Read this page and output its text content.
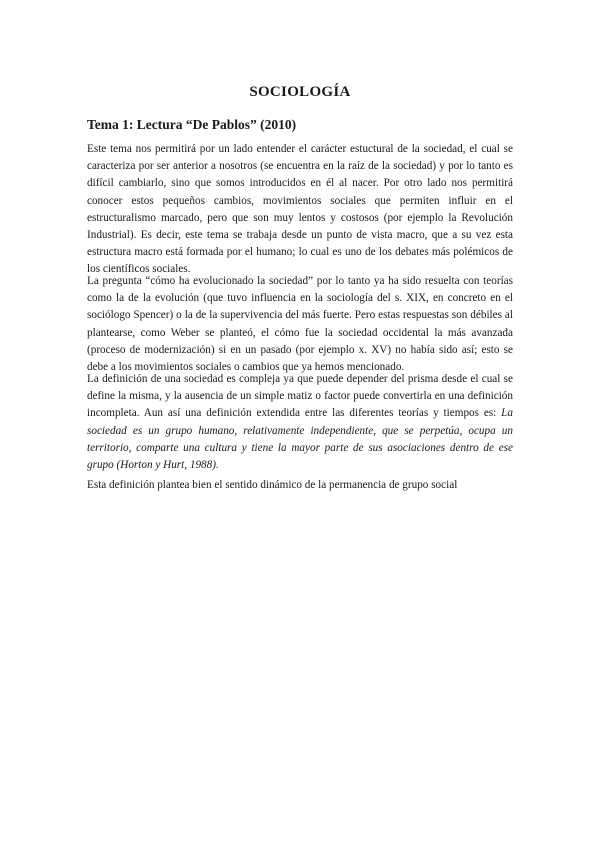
SOCIOLOGÍA
Tema 1: Lectura “De Pablos” (2010)

Este tema nos permitirá por un lado entender el carácter estuctural de la sociedad, el cual se caracteriza por ser anterior a nosotros (se encuentra en la raíz de la sociedad) y por lo tanto es difícil cambiarlo, sino que somos introducidos en él al nacer. Por otro lado nos permitirá conocer estos pequeños cambios, movimientos sociales que permiten influir en el estructuralismo marcado, pero que son muy lentos y costosos (por ejemplo la Revolución Industrial). Es decir, este tema se trabaja desde un punto de vista macro, que a su vez esta estructura macro está formada por el humano; lo cual es uno de los debates más polémicos de los científicos sociales.

La pregunta “cómo ha evolucionado la sociedad” por lo tanto ya ha sido resuelta con teorías como la de la evolución (que tuvo influencia en la sociología del s. XIX, en concreto en el sociólogo Spencer) o la de la supervivencia del más fuerte. Pero estas respuestas son débiles al plantearse, como Weber se planteó, el cómo fue la sociedad occidental la más avanzada (proceso de modernización) si en un pasado (por ejemplo x. XV) no había sido así; esto se debe a los movimientos sociales o cambios que ya hemos mencionado.

La definición de una sociedad es compleja ya que puede depender del prisma desde el cual se define la misma, y la ausencia de un simple matiz o factor puede convertirla en una definición incompleta. Aun así una definición extendida entre las diferentes teorías y tiempos es: La sociedad es un grupo humano, relativamente independiente, que se perpetúa, ocupa un territorio, comparte una cultura y tiene la mayor parte de sus asociaciones dentro de ese grupo (Horton y Hurt, 1988).

Esta definición plantea bien el sentido dinámico de la permanencia de grupo social
